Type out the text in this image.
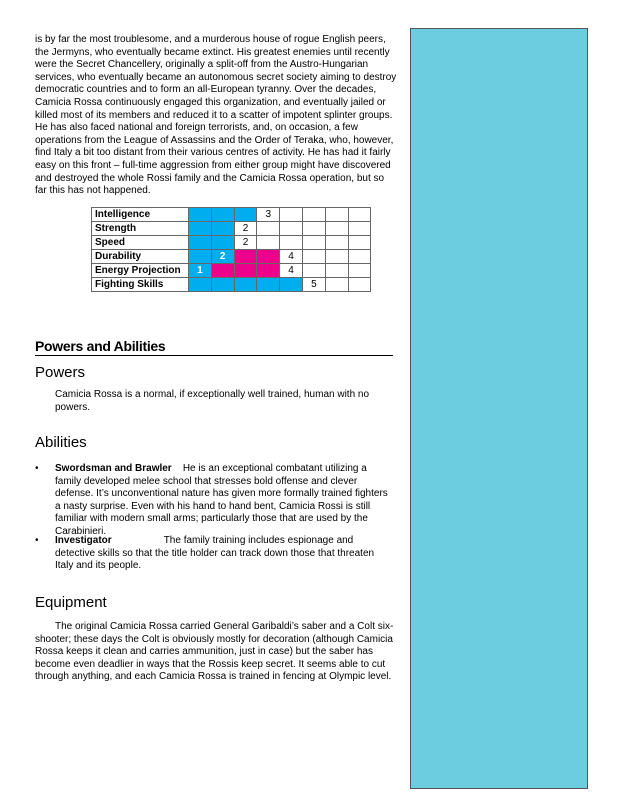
is by far the most troublesome, and a murderous house of rogue English peers, the Jermyns, who eventually became extinct. His greatest enemies until recently were the Secret Chancellery, originally a split-off from the Austro-Hungarian services, who eventually became an autonomous secret society aiming to destroy democratic countries and to form an all-European tyranny. Over the decades, Camicia Rossa continuously engaged this organization, and eventually jailed or killed most of its members and reduced it to a scatter of impotent splinter groups. He has also faced national and foreign terrorists, and, on occasion, a few operations from the League of Assassins and the Order of Teraka, who, however, find Italy a bit too distant from their various centres of activity. He has had it fairly easy on this front – full-time aggression from either group might have discovered and destroyed the whole Rossi family and the Camicia Rossa operation, but so far this has not happened.

Intelligence				3				
Strength			2					
Speed			2					
Durability		2			4			
Energy Projection	1				4			
Fighting Skills						5		
Powers and Abilities
Powers

Camicia Rossa is a normal, if exceptionally well trained, human with no powers.

Abilities
• Swordsman and Brawler He is an exceptional combatant utilizing a family developed melee school that stresses bold offense and clever defense. It’s unconventional nature has given more formally trained fighters a nasty surprise. Even with his hand to hand bent, Camicia Rossi is still familiar with modern small arms; particularly those that are used by the Carabinieri.
• Investigator	The family training includes espionage and detective skills so that the title holder can track down those that threaten Italy and its people.
Equipment

The original Camicia Rossa carried General Garibaldi’s saber and a Colt six-shooter; these days the Colt is obviously mostly for decoration (although Camicia Rossa keeps it clean and carries ammunition, just in case) but the saber has become even deadlier in ways that the Rossis keep secret. It seems able to cut through anything, and each Camicia Rossa is trained in fencing at Olympic level.
